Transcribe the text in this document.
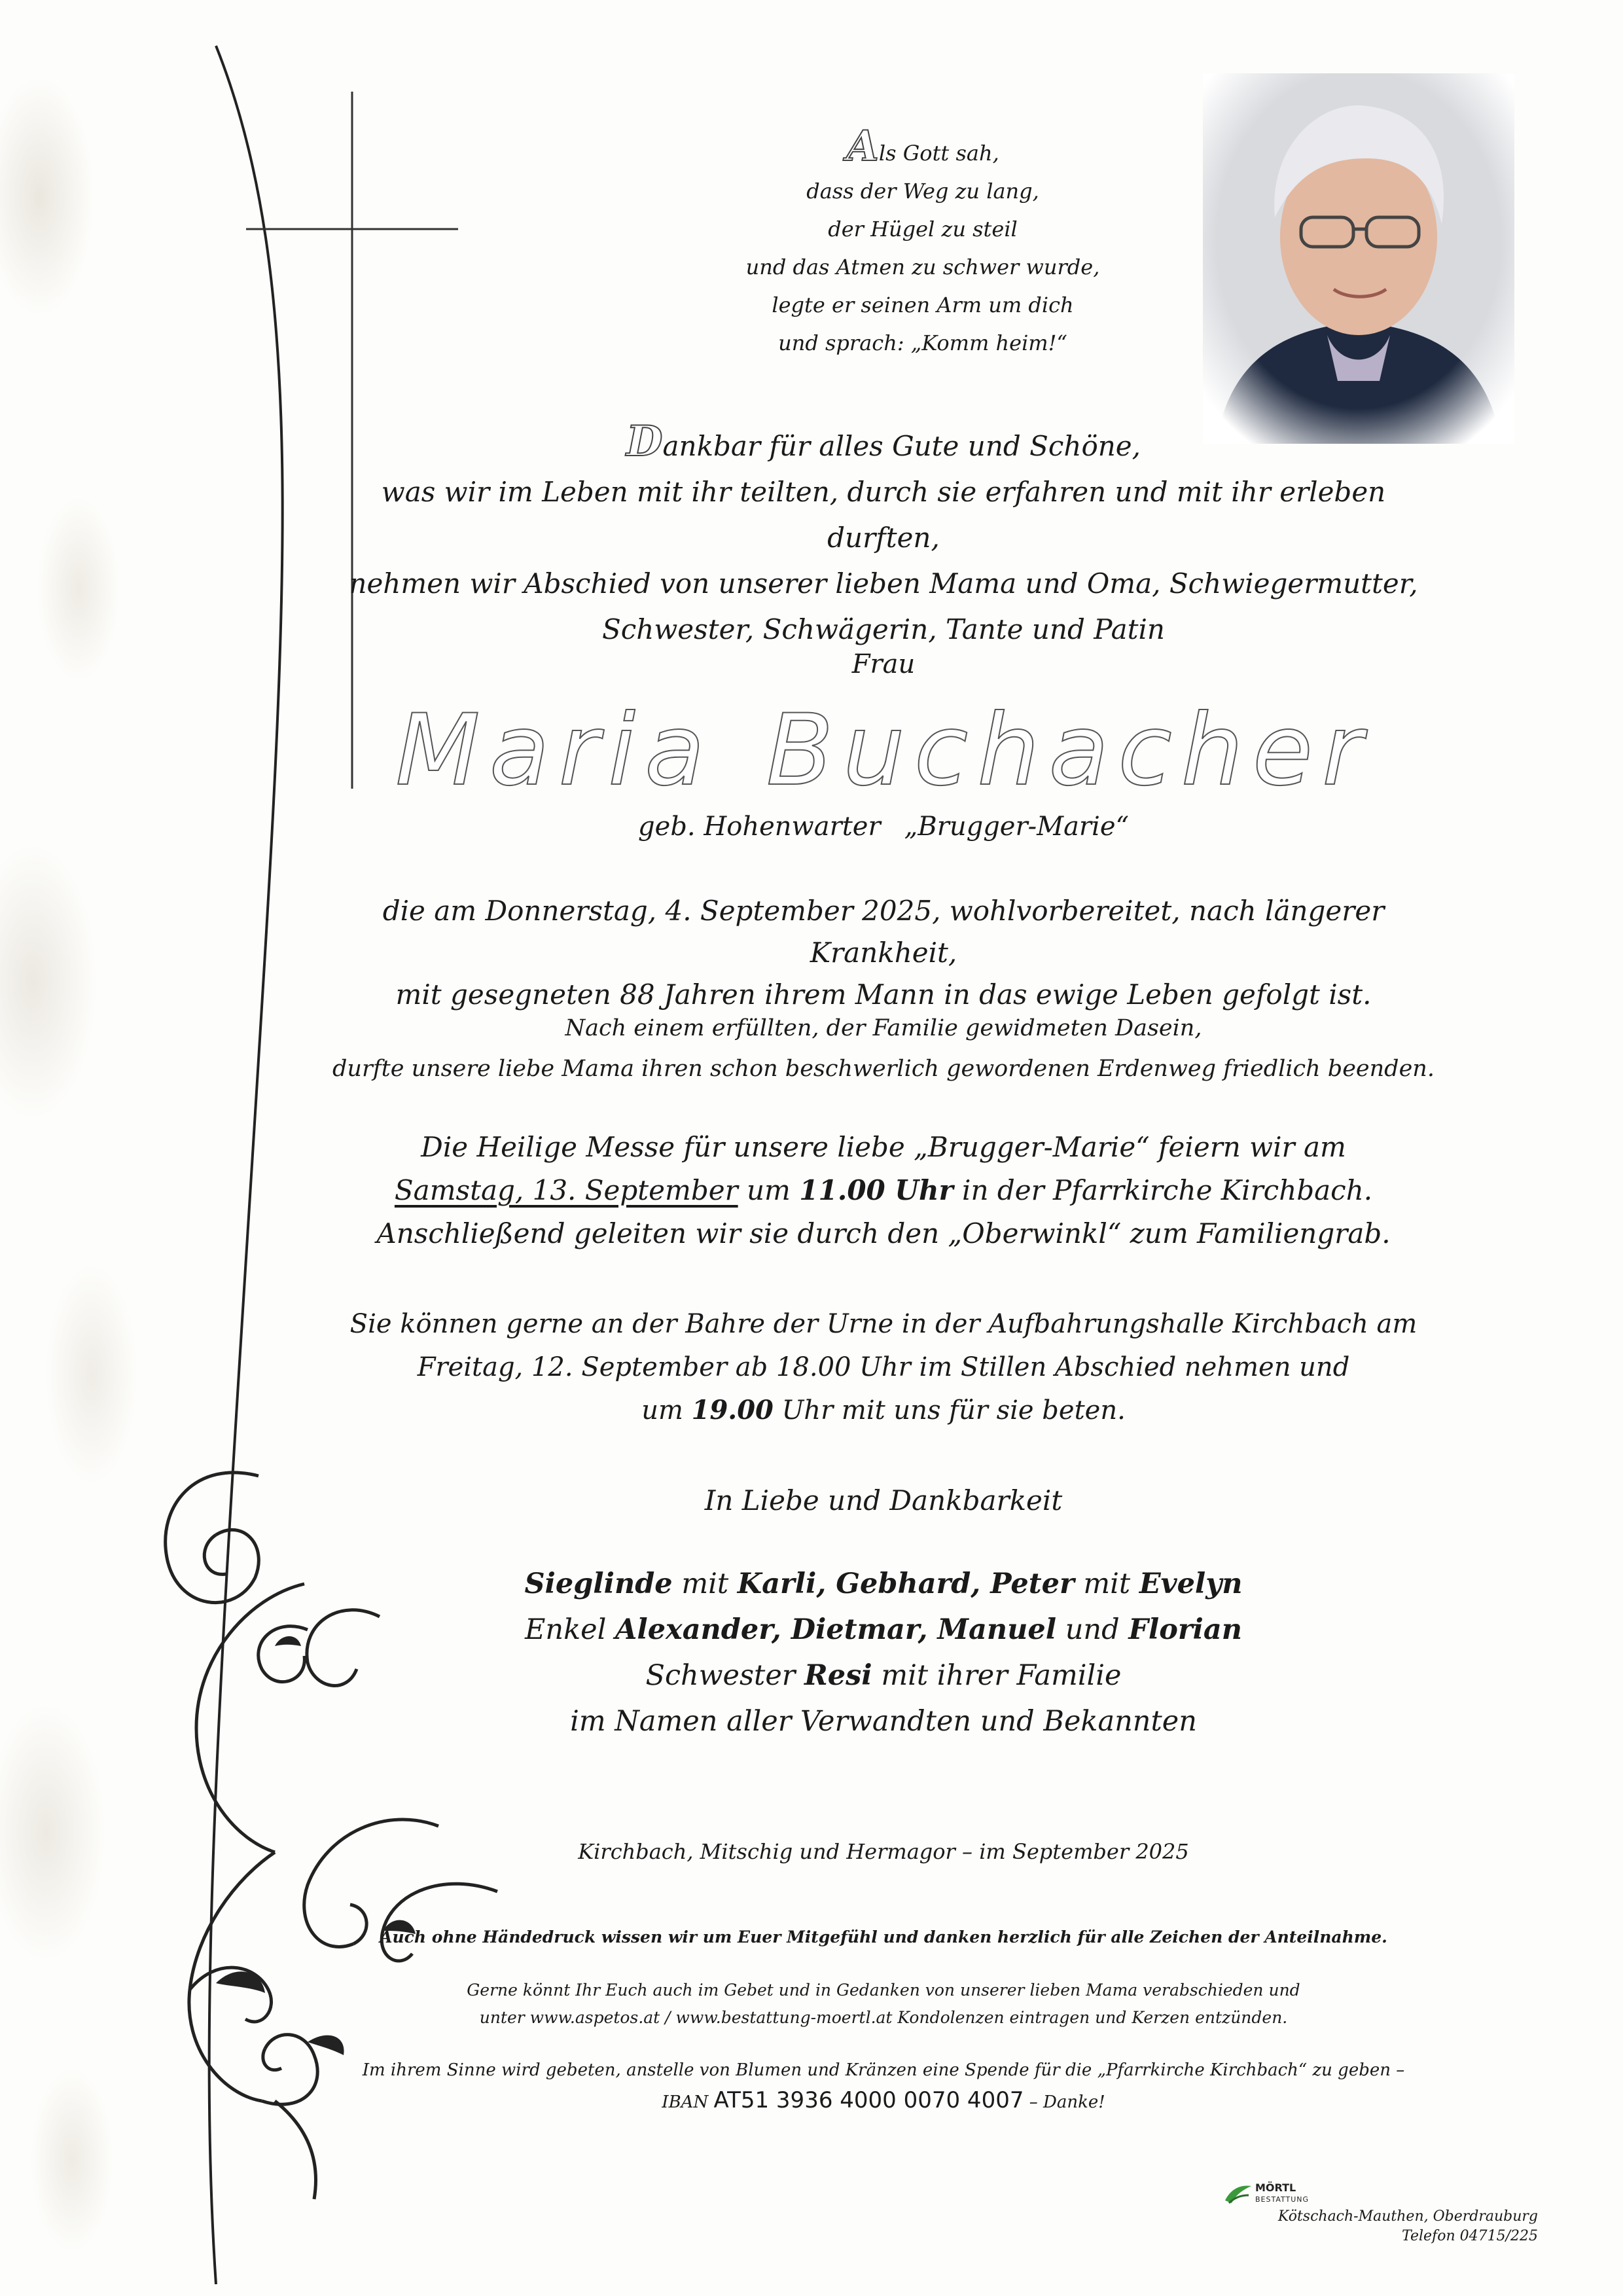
Als Gott sah,
dass der Weg zu lang,
der Hügel zu steil
und das Atmen zu schwer wurde,
legte er seinen Arm um dich
und sprach: „Komm heim!“
Dankbar für alles Gute und Schöne,
was wir im Leben mit ihr teilten, durch sie erfahren und mit ihr erleben durften,
nehmen wir Abschied von unserer lieben Mama und Oma, Schwiegermutter,
Schwester, Schwägerin, Tante und Patin
Frau
Maria Buchacher
geb. Hohenwarter „Brugger-Marie“
die am Donnerstag, 4. September 2025, wohlvorbereitet, nach längerer Krankheit,
mit gesegneten 88 Jahren ihrem Mann in das ewige Leben gefolgt ist.
Nach einem erfüllten, der Familie gewidmeten Dasein,
durfte unsere liebe Mama ihren schon beschwerlich gewordenen Erdenweg friedlich beenden.
Die Heilige Messe für unsere liebe „Brugger-Marie“ feiern wir am
Samstag, 13. September um 11.00 Uhr in der Pfarrkirche Kirchbach.
Anschließend geleiten wir sie durch den „Oberwinkl“ zum Familiengrab.
Sie können gerne an der Bahre der Urne in der Aufbahrungshalle Kirchbach am
Freitag, 12. September ab 18.00 Uhr im Stillen Abschied nehmen und
um 19.00 Uhr mit uns für sie beten.
In Liebe und Dankbarkeit
Sieglinde mit Karli, Gebhard, Peter mit Evelyn
Enkel Alexander, Dietmar, Manuel und Florian
Schwester Resi mit ihrer Familie
im Namen aller Verwandten und Bekannten
Kirchbach, Mitschig und Hermagor – im September 2025
Auch ohne Händedruck wissen wir um Euer Mitgefühl und danken herzlich für alle Zeichen der Anteilnahme.
Gerne könnt Ihr Euch auch im Gebet und in Gedanken von unserer lieben Mama verabschieden und
unter www.aspetos.at / www.bestattung-moertl.at Kondolenzen eintragen und Kerzen entzünden.
Im ihrem Sinne wird gebeten, anstelle von Blumen und Kränzen eine Spende für die „Pfarrkirche Kirchbach“ zu geben –
IBAN AT51 3936 4000 0070 4007 – Danke!
MÖRTL
BESTATTUNG
Kötschach-Mauthen, Oberdrauburg
Telefon 04715/225
